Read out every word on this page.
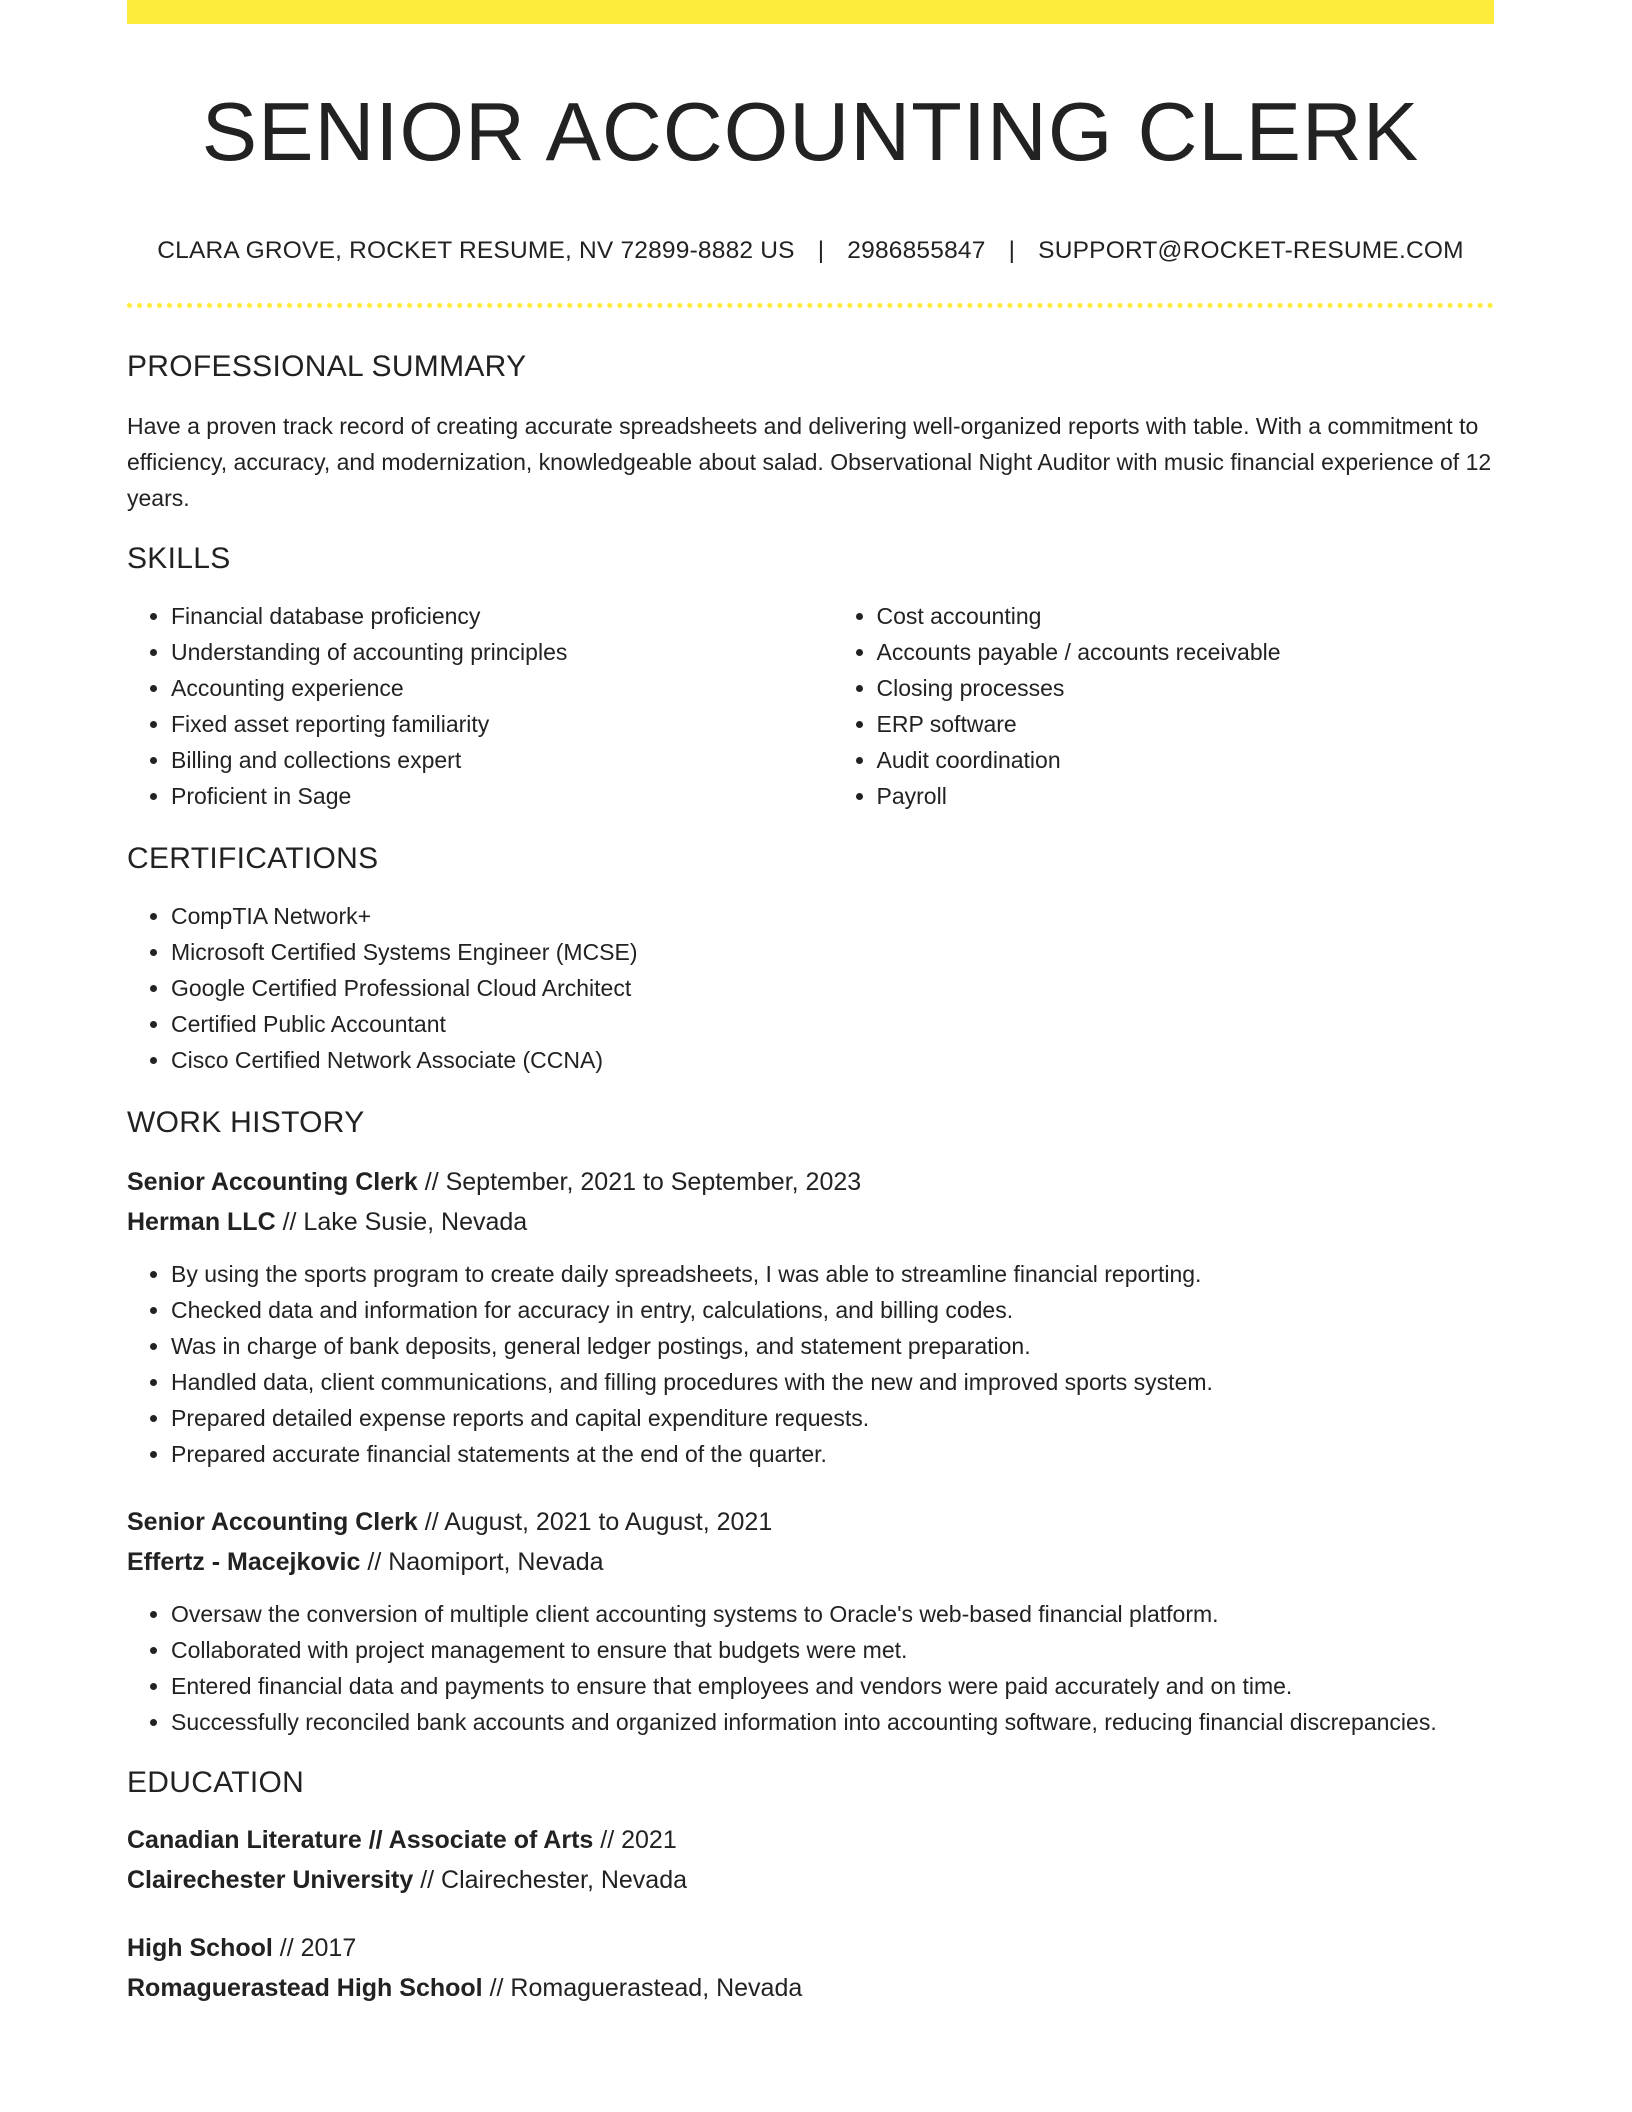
SENIOR ACCOUNTING CLERK
CLARA GROVE, ROCKET RESUME, NV 72899-8882 US | 2986855847 | SUPPORT@ROCKET-RESUME.COM
PROFESSIONAL SUMMARY

Have a proven track record of creating accurate spreadsheets and delivering well-organized reports with table. With a commitment to efficiency, accuracy, and modernization, knowledgeable about salad. Observational Night Auditor with music financial experience of 12 years.

SKILLS
• Financial database proficiency
• Understanding of accounting principles
• Accounting experience
• Fixed asset reporting familiarity
• Billing and collections expert
• Proficient in Sage
• Cost accounting
• Accounts payable / accounts receivable
• Closing processes
• ERP software
• Audit coordination
• Payroll
CERTIFICATIONS
• CompTIA Network+
• Microsoft Certified Systems Engineer (MCSE)
• Google Certified Professional Cloud Architect
• Certified Public Accountant
• Cisco Certified Network Associate (CCNA)
WORK HISTORY

Senior Accounting Clerk // September, 2021 to September, 2023

Herman LLC // Lake Susie, Nevada

• By using the sports program to create daily spreadsheets, I was able to streamline financial reporting.
• Checked data and information for accuracy in entry, calculations, and billing codes.
• Was in charge of bank deposits, general ledger postings, and statement preparation.
• Handled data, client communications, and filling procedures with the new and improved sports system.
• Prepared detailed expense reports and capital expenditure requests.
• Prepared accurate financial statements at the end of the quarter.

Senior Accounting Clerk // August, 2021 to August, 2021

Effertz - Macejkovic // Naomiport, Nevada

• Oversaw the conversion of multiple client accounting systems to Oracle's web-based financial platform.
• Collaborated with project management to ensure that budgets were met.
• Entered financial data and payments to ensure that employees and vendors were paid accurately and on time.
• Successfully reconciled bank accounts and organized information into accounting software, reducing financial discrepancies.
EDUCATION

Canadian Literature // Associate of Arts // 2021

Clairechester University // Clairechester, Nevada

High School // 2017

Romaguerastead High School // Romaguerastead, Nevada
